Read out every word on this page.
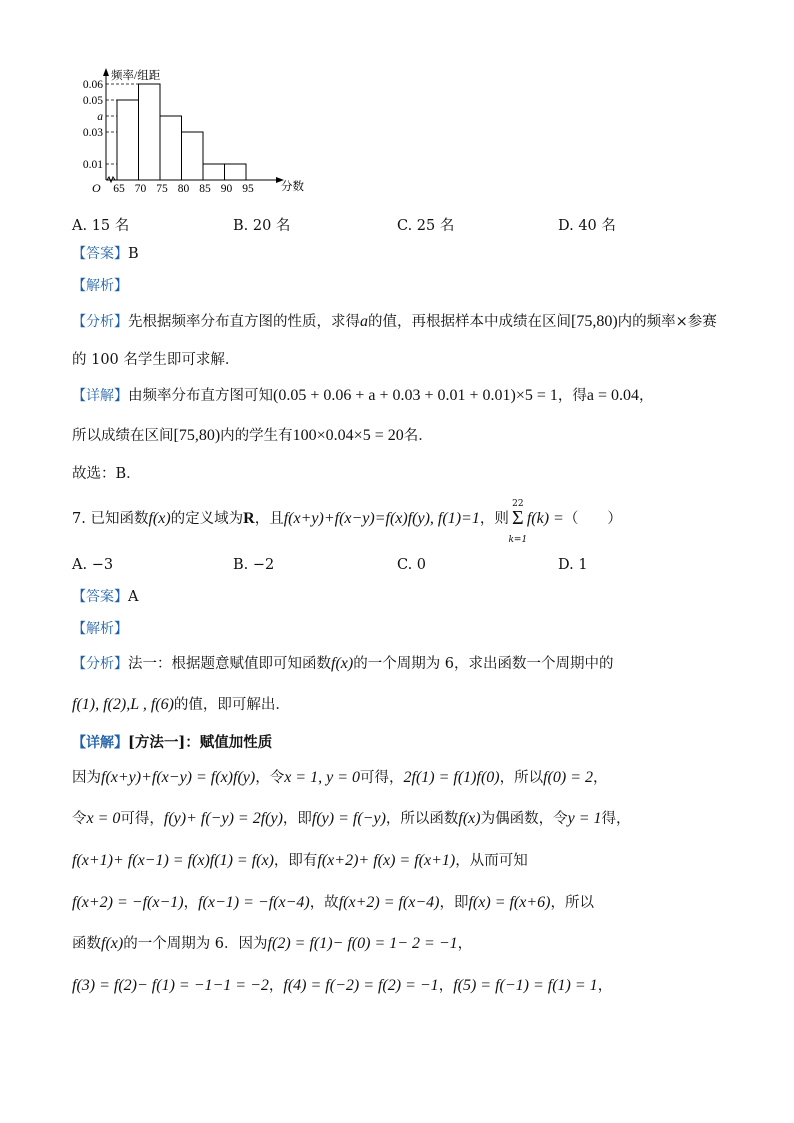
频率/组距
分数
O
0.06
0.05
a
0.03
0.01
65 70 75 80 85 90 95
A. 15 名	B. 20 名	C. 25 名	D. 40 名
【答案】B
【解析】
【分析】先根据频率分布直方图的性质，求得a的值，再根据样本中成绩在区间[75,80)内的频率×参赛
的 100 名学生即可求解．
【详解】由频率分布直方图可知(0.05 + 0.06 + a + 0.03 + 0.01 + 0.01)×5 = 1，得a = 0.04，
所以成绩在区间[75,80)内的学生有100×0.04×5 = 20名．
故选：B．
7. 已知函数f(x)的定义域为R，且f(x+y)+f(x−y)=f(x)f(y), f(1)=1，则
22
Σ
k=1
f(k) =（　　）
A. −3	B. −2	C. 0	D. 1
【答案】A
【解析】
【分析】法一：根据题意赋值即可知函数f(x)的一个周期为 6，求出函数一个周期中的
f(1), f(2),L , f(6)的值，即可解出．
【详解】[方法一]：赋值加性质
因为f(x+y)+f(x−y) = f(x)f(y)，令x = 1, y = 0可得，2f(1) = f(1)f(0)，所以f(0) = 2，
令x = 0可得，f(y)+ f(−y) = 2f(y)，即f(y) = f(−y)，所以函数f(x)为偶函数，令y = 1得，
f(x+1)+ f(x−1) = f(x)f(1) = f(x)，即有f(x+2)+ f(x) = f(x+1)，从而可知
f(x+2) = −f(x−1)，f(x−1) = −f(x−4)，故f(x+2) = f(x−4)，即f(x) = f(x+6)，所以
函数f(x)的一个周期为 6．因为f(2) = f(1)− f(0) = 1− 2 = −1，
f(3) = f(2)− f(1) = −1−1 = −2，f(4) = f(−2) = f(2) = −1，f(5) = f(−1) = f(1) = 1，
